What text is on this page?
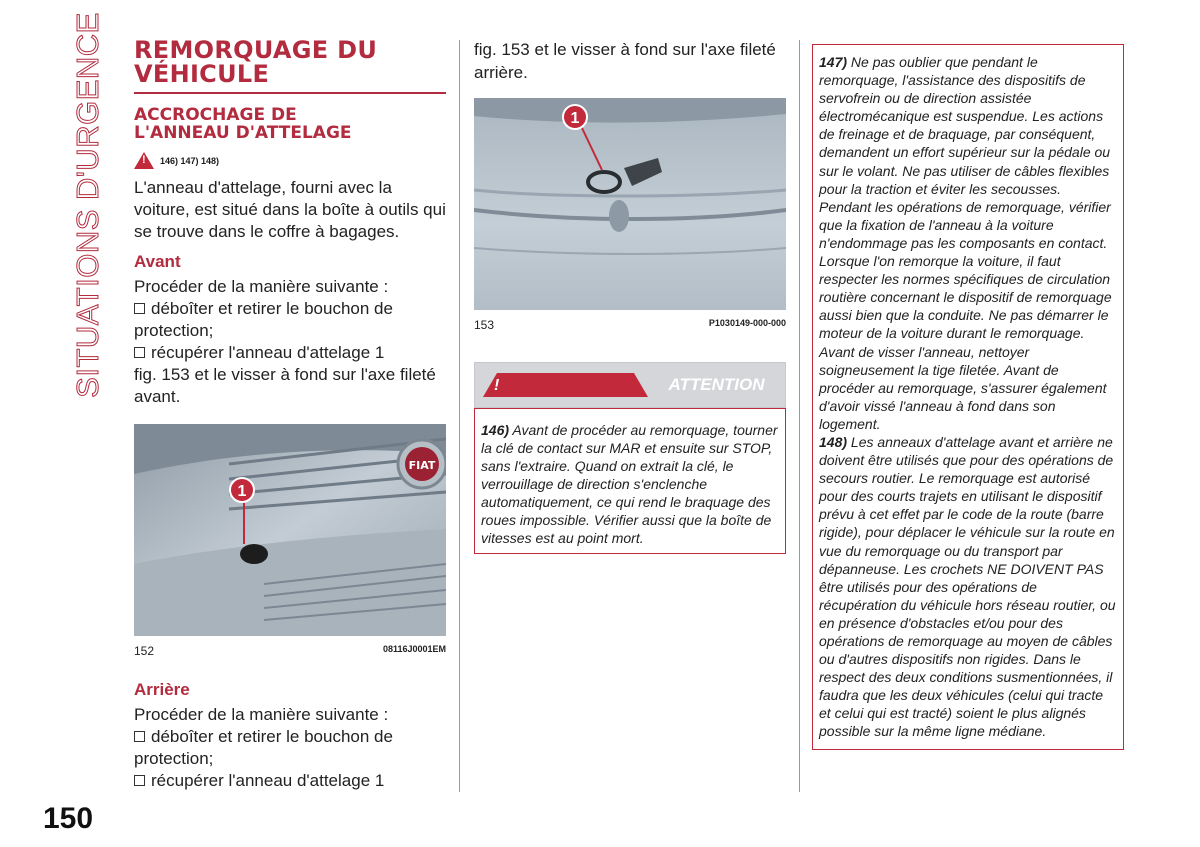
SITUATIONS D'URGENCE
150
REMORQUAGE DU
VÉHICULE
ACCROCHAGE DE
L'ANNEAU D'ATTELAGE
!
146) 147) 148)

L'anneau d'attelage, fourni avec la voiture, est situé dans la boîte à outils qui se trouve dans le coffre à bagages.

Avant

Procéder de la manière suivante :

déboîter et retirer le bouchon de protection;

récupérer l'anneau d'attelage 1

fig. 153 et le visser à fond sur l'axe fileté avant.

FIAT
1
152	08116J0001EM
Arrière

Procéder de la manière suivante :

déboîter et retirer le bouchon de protection;

récupérer l'anneau d'attelage 1

fig. 153 et le visser à fond sur l'axe fileté arrière.

1
153	P1030149-000-000
!
ATTENTION
146) Avant de procéder au remorquage, tourner la clé de contact sur MAR et ensuite sur STOP, sans l'extraire. Quand on extrait la clé, le verrouillage de direction s'enclenche automatiquement, ce qui rend le braquage des roues impossible. Vérifier aussi que la boîte de vitesses est au point mort.
147) Ne pas oublier que pendant le remorquage, l'assistance des dispositifs de servofrein ou de direction assistée électromécanique est suspendue. Les actions de freinage et de braquage, par conséquent, demandent un effort supérieur sur la pédale ou sur le volant. Ne pas utiliser de câbles flexibles pour la traction et éviter les secousses. Pendant les opérations de remorquage, vérifier que la fixation de l'anneau à la voiture n'endommage pas les composants en contact. Lorsque l'on remorque la voiture, il faut respecter les normes spécifiques de circulation routière concernant le dispositif de remorquage aussi bien que la conduite. Ne pas démarrer le moteur de la voiture durant le remorquage. Avant de visser l'anneau, nettoyer soigneusement la tige filetée. Avant de procéder au remorquage, s'assurer également d'avoir vissé l'anneau à fond dans son logement.
148) Les anneaux d'attelage avant et arrière ne doivent être utilisés que pour des opérations de secours routier. Le remorquage est autorisé pour des courts trajets en utilisant le dispositif prévu à cet effet par le code de la route (barre rigide), pour déplacer le véhicule sur la route en vue du remorquage ou du transport par dépanneuse. Les crochets NE DOIVENT PAS être utilisés pour des opérations de récupération du véhicule hors réseau routier, ou en présence d'obstacles et/ou pour des opérations de remorquage au moyen de câbles ou d'autres dispositifs non rigides. Dans le respect des deux conditions susmentionnées, il faudra que les deux véhicules (celui qui tracte et celui qui est tracté) soient le plus alignés possible sur la même ligne médiane.
